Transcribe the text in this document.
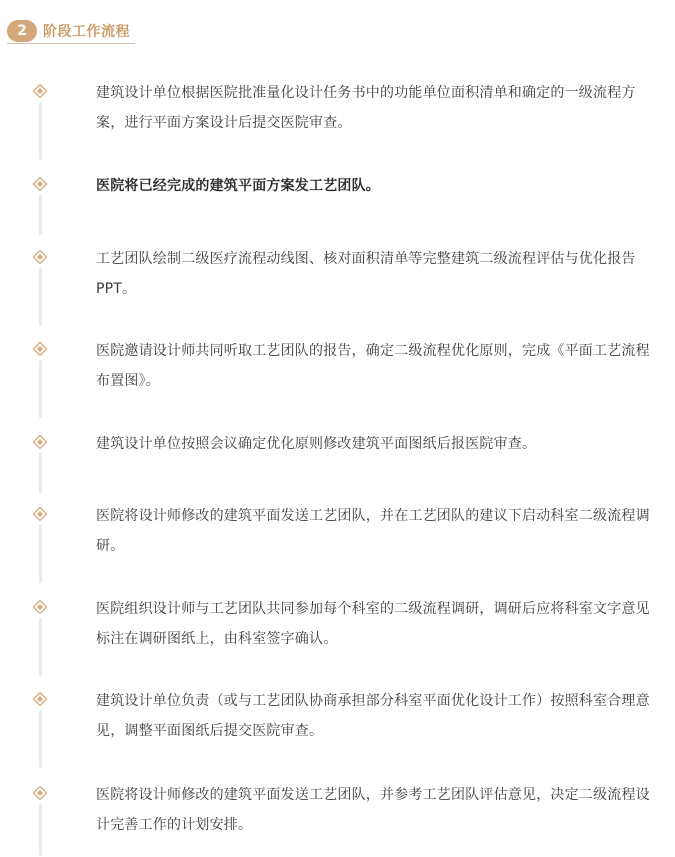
2	阶段工作流程
建筑设计单位根据医院批准量化设计任务书中的功能单位面积清单和确定的一级流程方案，进行平面方案设计后提交医院审查。
医院将已经完成的建筑平面方案发工艺团队。
工艺团队绘制二级医疗流程动线图、核对面积清单等完整建筑二级流程评估与优化报告 PPT。
医院邀请设计师共同听取工艺团队的报告，确定二级流程优化原则，完成《平面工艺流程布置图》。
建筑设计单位按照会议确定优化原则修改建筑平面图纸后报医院审查。
医院将设计师修改的建筑平面发送工艺团队，并在工艺团队的建议下启动科室二级流程调研。
医院组织设计师与工艺团队共同参加每个科室的二级流程调研，调研后应将科室文字意见标注在调研图纸上，由科室签字确认。
建筑设计单位负责（或与工艺团队协商承担部分科室平面优化设计工作）按照科室合理意见，调整平面图纸后提交医院审查。
医院将设计师修改的建筑平面发送工艺团队，并参考工艺团队评估意见，决定二级流程设计完善工作的计划安排。
